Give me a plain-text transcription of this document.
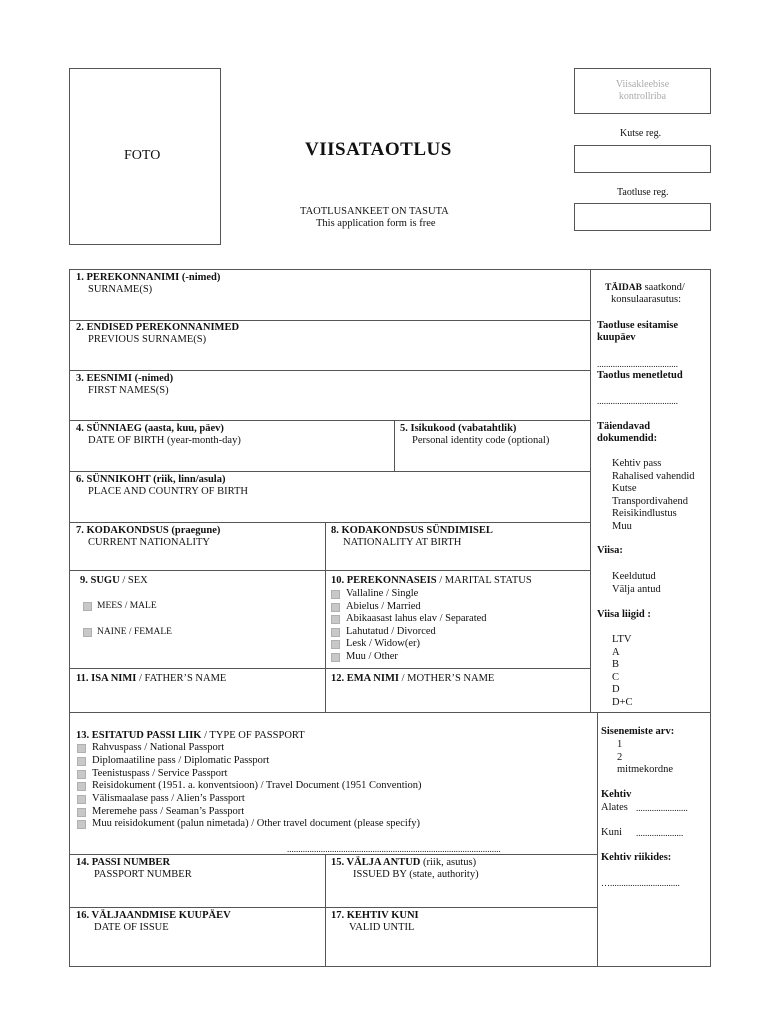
FOTO	VIISATAOTLUS
TAOTLUSANKEET ON TASUTA
This application form is free
Viisakleebise
kontrollriba
Kutse reg.
Taotluse reg.
1. PEREKONNANIMI (-nimed)
SURNAME(S)
2. ENDISED PEREKONNANIMED
PREVIOUS SURNAME(S)
3. EESNIMI (-nimed)
FIRST NAMES(S)
4. SÜNNIAEG (aasta, kuu, päev)
DATE OF BIRTH (year-month-day)
5. Isikukood (vabatahtlik)
Personal identity code (optional)
6. SÜNNIKOHT (riik, linn/asula)
PLACE AND COUNTRY OF BIRTH
7. KODAKONDSUS (praegune)
CURRENT NATIONALITY
8. KODAKONDSUS SÜNDIMISEL
NATIONALITY AT BIRTH
9. SUGU / SEX
MEES / MALE
NAINE / FEMALE
10. PEREKONNASEIS / MARITAL STATUS
Vallaline / Single
Abielus / Married
Abikaasast lahus elav / Separated
Lahutatud / Divorced
Lesk / Widow(er)
Muu / Other
11. ISA NIMI / FATHER’S NAME	12. EMA NIMI / MOTHER’S NAME
13. ESITATUD PASSI LIIK / TYPE OF PASSPORT
Rahvuspass / National Passport
Diplomaatiline pass / Diplomatic Passport
Teenistuspass / Service Passport
Reisidokument (1951. a. konventsioon) / Travel Document (1951 Convention)
Välismaalase pass / Alien’s Passport
Meremehe pass / Seaman’s Passport
Muu reisidokument (palun nimetada) / Other travel document (please specify)
...............................................................................................
14. PASSI NUMBER
PASSPORT NUMBER
15. VÄLJA ANTUD (riik, asutus)
ISSUED BY (state, authority)
16. VÄLJAANDMISE KUUPÄEV
DATE OF ISSUE
17. KEHTIV KUNI
VALID UNTIL
TÄIDAB saatkond/
konsulaarasutus:
Taotluse esitamise
kuupäev
....................................
Taotlus menetletud
....................................
Täiendavad
dokumendid:
Kehtiv pass
Rahalised vahendid
Kutse
Transpordivahend
Reisikindlustus
Muu
Viisa:
Keeldutud
Välja antud
Viisa liigid :
LTV
A
B
C
D
D+C
Sisenemiste arv:
1
2
mitmekordne
Kehtiv
Alates .......................
Kuni .....................
Kehtiv riikides:
…...............................
